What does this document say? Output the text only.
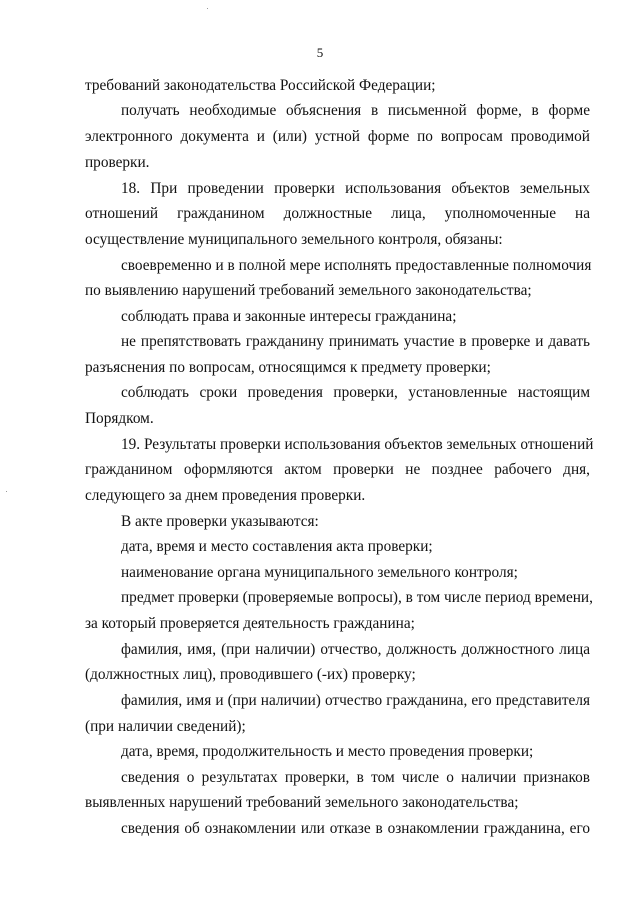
5
требований законодательства Российской Федерации;
получать необходимые объяснения в письменной форме, в форме
электронного документа и (или) устной форме по вопросам проводимой
проверки.
18. При проведении проверки использования объектов земельных
отношений гражданином должностные лица, уполномоченные на
осуществление муниципального земельного контроля, обязаны:
своевременно и в полной мере исполнять предоставленные полномочия
по выявлению нарушений требований земельного законодательства;
соблюдать права и законные интересы гражданина;
не препятствовать гражданину принимать участие в проверке и давать
разъяснения по вопросам, относящимся к предмету проверки;
соблюдать сроки проведения проверки, установленные настоящим
Порядком.
19. Результаты проверки использования объектов земельных отношений
гражданином оформляются актом проверки не позднее рабочего дня,
следующего за днем проведения проверки.
В акте проверки указываются:
дата, время и место составления акта проверки;
наименование органа муниципального земельного контроля;
предмет проверки (проверяемые вопросы), в том числе период времени,
за который проверяется деятельность гражданина;
фамилия, имя, (при наличии) отчество, должность должностного лица
(должностных лиц), проводившего (-их) проверку;
фамилия, имя и (при наличии) отчество гражданина, его представителя
(при наличии сведений);
дата, время, продолжительность и место проведения проверки;
сведения о результатах проверки, в том числе о наличии признаков
выявленных нарушений требований земельного законодательства;
сведения об ознакомлении или отказе в ознакомлении гражданина, его
